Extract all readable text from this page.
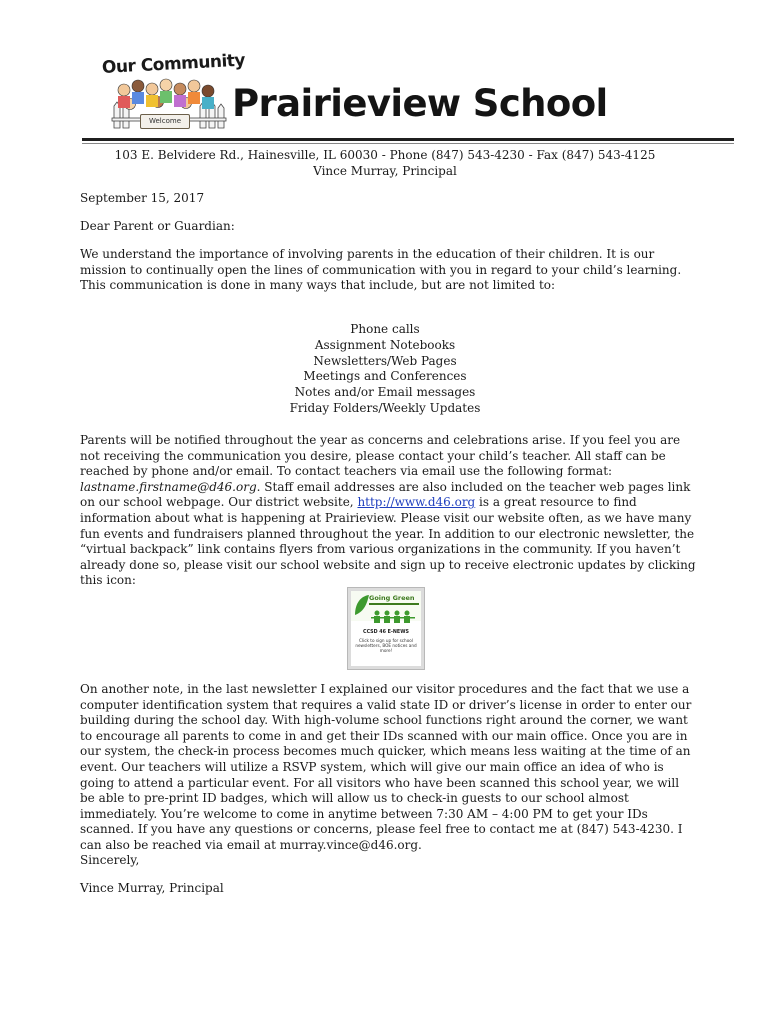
Our Community
Welcome Prairieview School
103 E. Belvidere Rd., Hainesville, IL 60030 - Phone (847) 543-4230 - Fax (847) 543-4125
Vince Murray, Principal
September 15, 2017
Dear Parent or Guardian:
We understand the importance of involving parents in the education of their children. It is our mission to continually open the lines of communication with you in regard to your child’s learning. This communication is done in many ways that include, but are not limited to:
Phone calls
Assignment Notebooks
Newsletters/Web Pages
Meetings and Conferences
Notes and/or Email messages
Friday Folders/Weekly Updates
Parents will be notified throughout the year as concerns and celebrations arise. If you feel you are not receiving the communication you desire, please contact your child’s teacher. All staff can be reached by phone and/or email. To contact teachers via email use the following format: lastname.firstname@d46.org. Staff email addresses are also included on the teacher web pages link on our school webpage. Our district website, http://www.d46.org is a great resource to find information about what is happening at Prairieview. Please visit our website often, as we have many fun events and fundraisers planned throughout the year. In addition to our electronic newsletter, the “virtual backpack” link contains flyers from various organizations in the community. If you haven’t already done so, please visit our school website and sign up to receive electronic updates by clicking this icon:
Going Green
CCSD 46 E-NEWS
Click to sign up for school newsletters, BOE notices and more!
On another note, in the last newsletter I explained our visitor procedures and the fact that we use a computer identification system that requires a valid state ID or driver’s license in order to enter our building during the school day. With high-volume school functions right around the corner, we want to encourage all parents to come in and get their IDs scanned with our main office. Once you are in our system, the check-in process becomes much quicker, which means less waiting at the time of an event. Our teachers will utilize a RSVP system, which will give our main office an idea of who is going to attend a particular event. For all visitors who have been scanned this school year, we will be able to pre-print ID badges, which will allow us to check-in guests to our school almost immediately. You’re welcome to come in anytime between 7:30 AM – 4:00 PM to get your IDs scanned. If you have any questions or concerns, please feel free to contact me at (847) 543-4230. I can also be reached via email at murray.vince@d46.org.
Sincerely,
Vince Murray, Principal
